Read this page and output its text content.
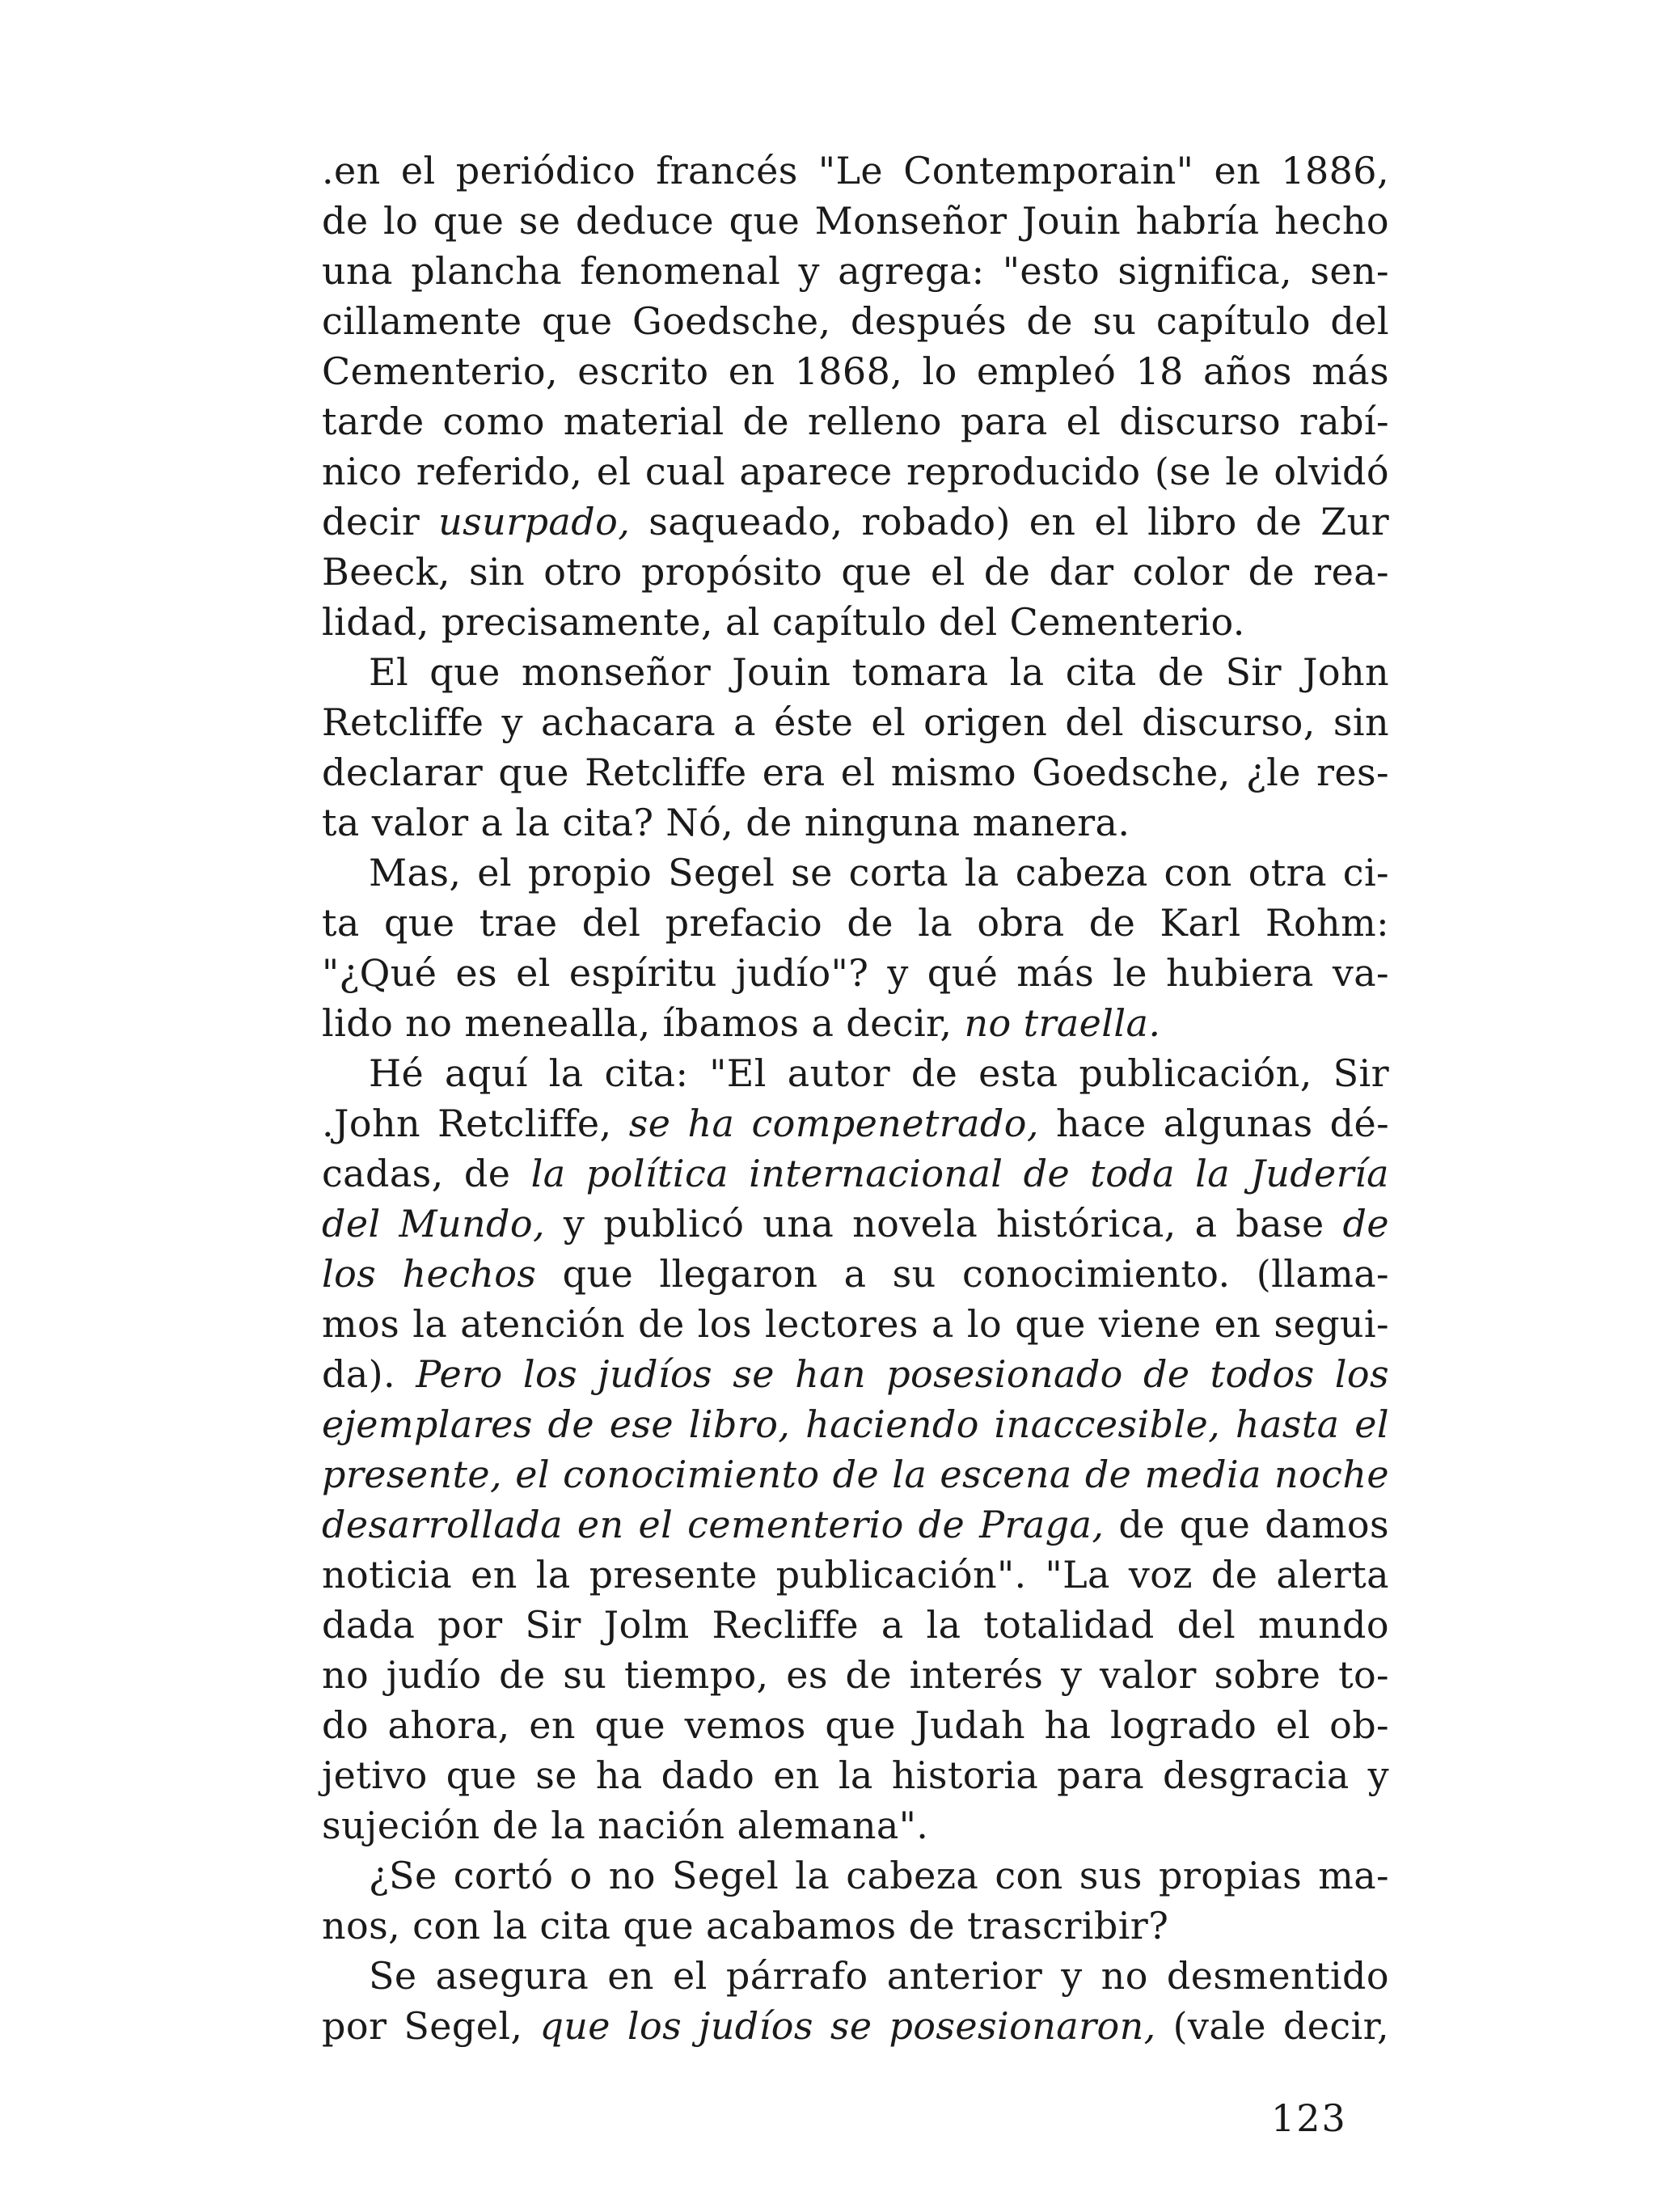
.en el periódico francés "Le Contemporain" en 1886,
de lo que se deduce que Monseñor Jouin habría hecho
una plancha fenomenal y agrega: "esto significa, sen-
cillamente que Goedsche, después de su capítulo del
Cementerio, escrito en 1868, lo empleó 18 años más
tarde como material de relleno para el discurso rabí-
nico referido, el cual aparece reproducido (se le olvidó
decir usurpado, saqueado, robado) en el libro de Zur
Beeck, sin otro propósito que el de dar color de rea-
lidad, precisamente, al capítulo del Cementerio.
El que monseñor Jouin tomara la cita de Sir John
Retcliffe y achacara a éste el origen del discurso, sin
declarar que Retcliffe era el mismo Goedsche, ¿le res-
ta valor a la cita? Nó, de ninguna manera.
Mas, el propio Segel se corta la cabeza con otra ci-
ta que trae del prefacio de la obra de Karl Rohm:
"¿Qué es el espíritu judío"? y qué más le hubiera va-
lido no menealla, íbamos a decir, no traella.
Hé aquí la cita: "El autor de esta publicación, Sir
.John Retcliffe, se ha compenetrado, hace algunas dé-
cadas, de la política internacional de toda la Judería
del Mundo, y publicó una novela histórica, a base de
los hechos que llegaron a su conocimiento. (llama-
mos la atención de los lectores a lo que viene en segui-
da). Pero los judíos se han posesionado de todos los
ejemplares de ese libro, haciendo inaccesible, hasta el
presente, el conocimiento de la escena de media noche
desarrollada en el cementerio de Praga, de que damos
noticia en la presente publicación". "La voz de alerta
dada por Sir Jolm Recliffe a la totalidad del mundo
no judío de su tiempo, es de interés y valor sobre to-
do ahora, en que vemos que Judah ha logrado el ob-
jetivo que se ha dado en la historia para desgracia y
sujeción de la nación alemana".
¿Se cortó o no Segel la cabeza con sus propias ma-
nos, con la cita que acabamos de trascribir?
Se asegura en el párrafo anterior y no desmentido
por Segel, que los judíos se posesionaron, (vale decir,
123
